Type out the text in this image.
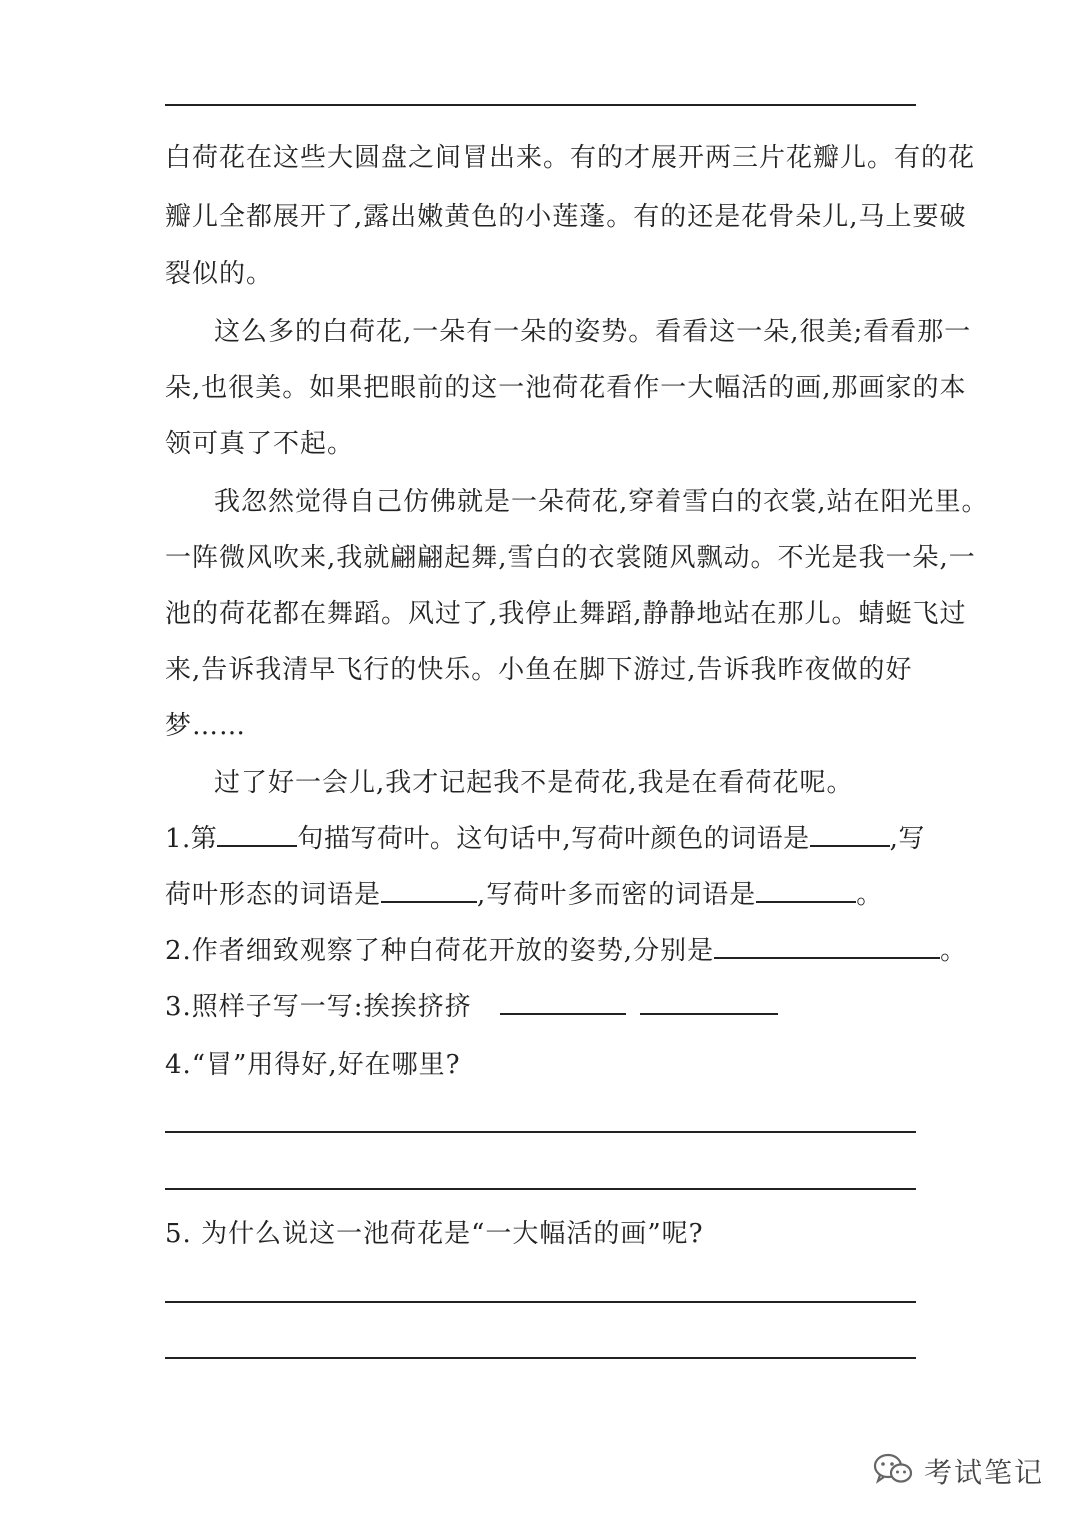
白荷花在这些大圆盘之间冒出来。有的才展开两三片花瓣儿。有的花
瓣儿全都展开了,露出嫩黄色的小莲蓬。有的还是花骨朵儿,马上要破
裂似的。
这么多的白荷花,一朵有一朵的姿势。看看这一朵,很美;看看那一
朵,也很美。如果把眼前的这一池荷花看作一大幅活的画,那画家的本
领可真了不起。
我忽然觉得自己仿佛就是一朵荷花,穿着雪白的衣裳,站在阳光里。
一阵微风吹来,我就翩翩起舞,雪白的衣裳随风飘动。不光是我一朵,一
池的荷花都在舞蹈。风过了,我停止舞蹈,静静地站在那儿。蜻蜓飞过
来,告诉我清早飞行的快乐。小鱼在脚下游过,告诉我昨夜做的好
梦……
过了好一会儿,我才记起我不是荷花,我是在看荷花呢。
1.第	句描写荷叶。这句话中,写荷叶颜色的词语是	,写
荷叶形态的词语是	,写荷叶多而密的词语是	。
2.作者细致观察了种白荷花开放的姿势,分别是	。
3.照样子写一写:挨挨挤挤
4.“冒”用得好,好在哪里?
5. 为什么说这一池荷花是“一大幅活的画”呢?
考试笔记
